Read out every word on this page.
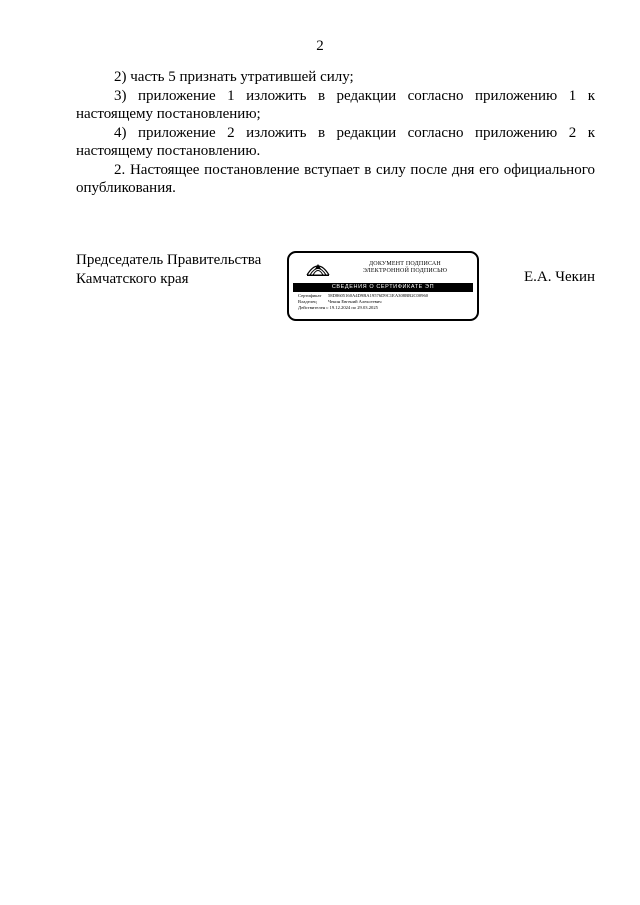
2

2) часть 5 признать утратившей силу;

3) приложение 1 изложить в редакции согласно приложению 1 к настоящему постановлению;

4) приложение 2 изложить в редакции согласно приложению 2 к настоящему постановлению.

2. Настоящее постановление вступает в силу после дня его официального опубликования.

Председатель Правительства
Камчатского края
ДОКУМЕНТ ПОДПИСАН
ЭЛЕКТРОННОЙ ПОДПИСЬЮ
СВЕДЕНИЯ О СЕРТИФИКАТЕ ЭП
Сертификат	58D8605160A4D9BA19576D9C1EA308BB2C00960
Владелец	Чекин Евгений Алексеевич
Действителен с 19.12.2024 по 29.03.2025
Е.А. Чекин
